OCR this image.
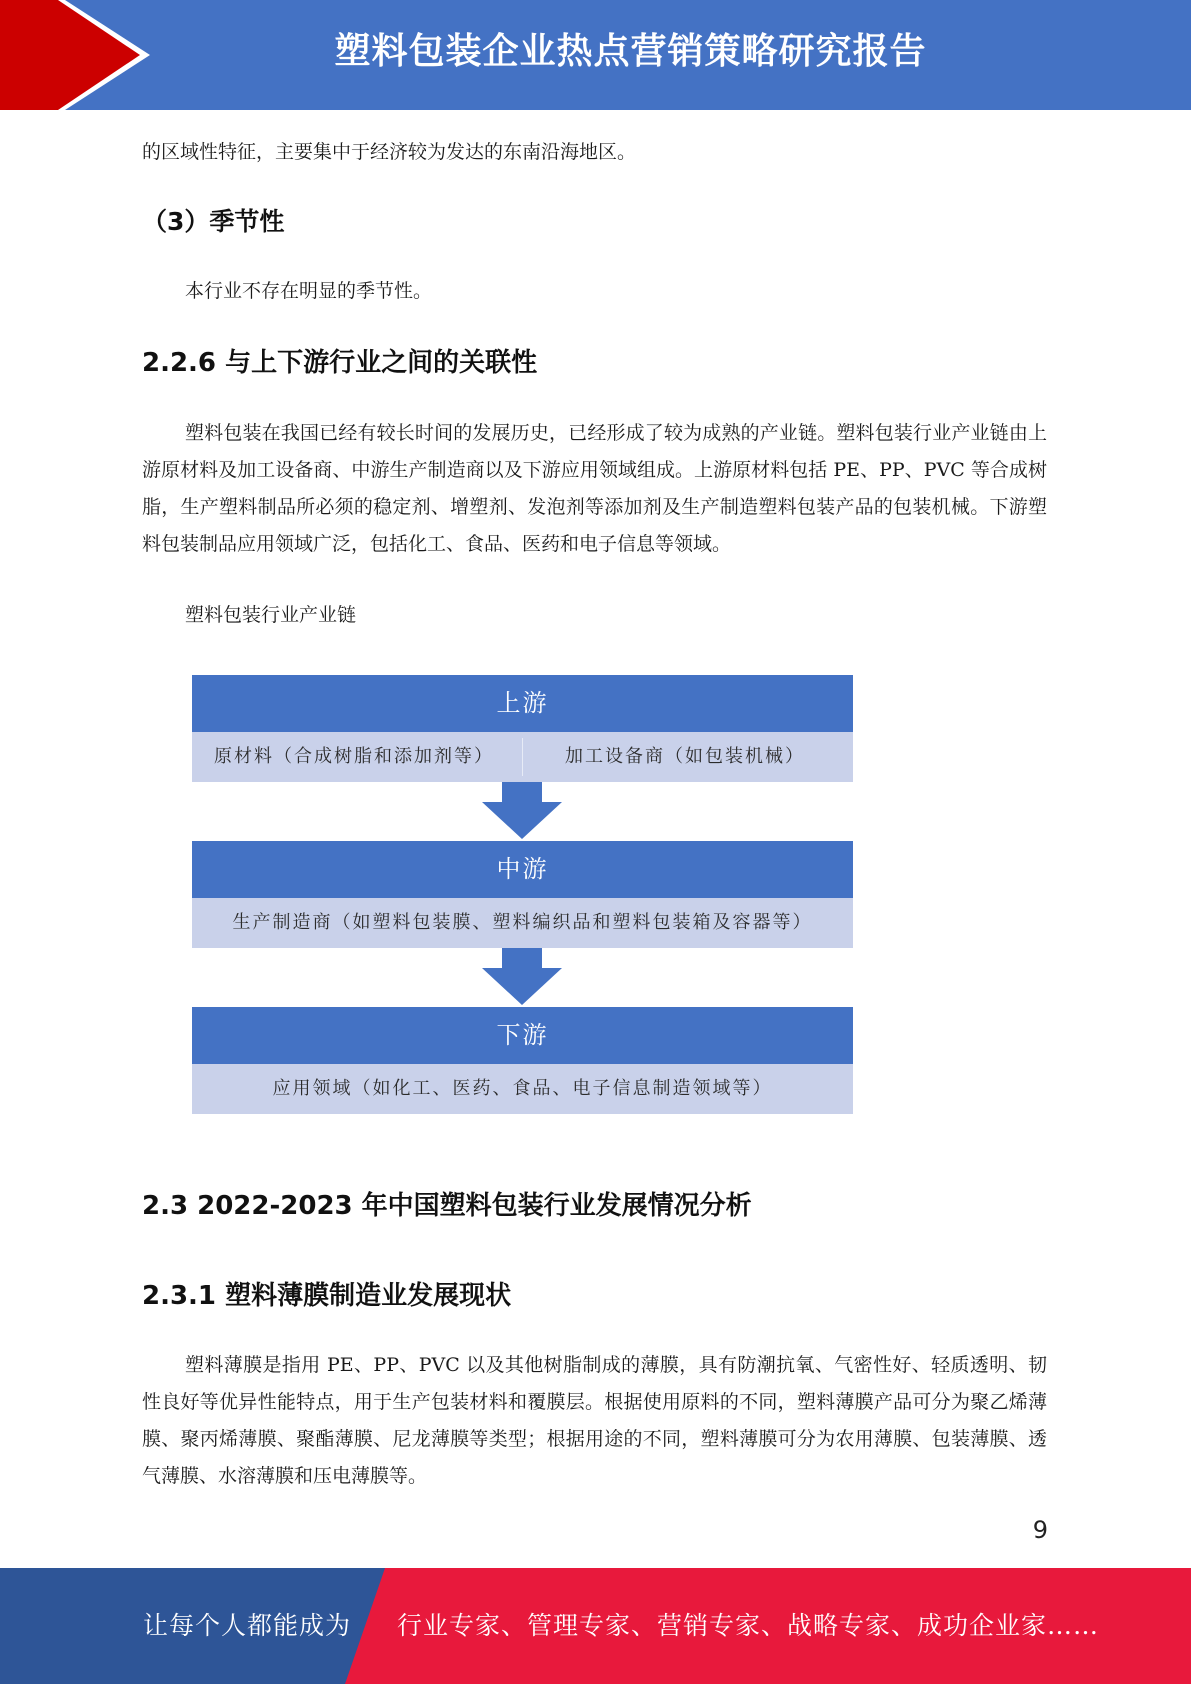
塑料包装企业热点营销策略研究报告
的区域性特征，主要集中于经济较为发达的东南沿海地区。
（3）季节性
本行业不存在明显的季节性。
2.2.6 与上下游行业之间的关联性
塑料包装在我国已经有较长时间的发展历史，已经形成了较为成熟的产业链。塑料包装行业产业链由上游原材料及加工设备商、中游生产制造商以及下游应用领域组成。上游原材料包括 PE、PP、PVC 等合成树脂，生产塑料制品所必须的稳定剂、增塑剂、发泡剂等添加剂及生产制造塑料包装产品的包装机械。下游塑料包装制品应用领域广泛，包括化工、食品、医药和电子信息等领域。
塑料包装行业产业链
上游
原材料（合成树脂和添加剂等）	加工设备商（如包装机械）
中游
生产制造商（如塑料包装膜、塑料编织品和塑料包装箱及容器等）
下游
应用领域（如化工、医药、食品、电子信息制造领域等）
2.3 2022-2023 年中国塑料包装行业发展情况分析
2.3.1 塑料薄膜制造业发展现状
塑料薄膜是指用 PE、PP、PVC 以及其他树脂制成的薄膜，具有防潮抗氧、气密性好、轻质透明、韧性良好等优异性能特点，用于生产包装材料和覆膜层。根据使用原料的不同，塑料薄膜产品可分为聚乙烯薄膜、聚丙烯薄膜、聚酯薄膜、尼龙薄膜等类型；根据用途的不同，塑料薄膜可分为农用薄膜、包装薄膜、透气薄膜、水溶薄膜和压电薄膜等。
9
让每个人都能成为 行业专家、管理专家、营销专家、战略专家、成功企业家……
